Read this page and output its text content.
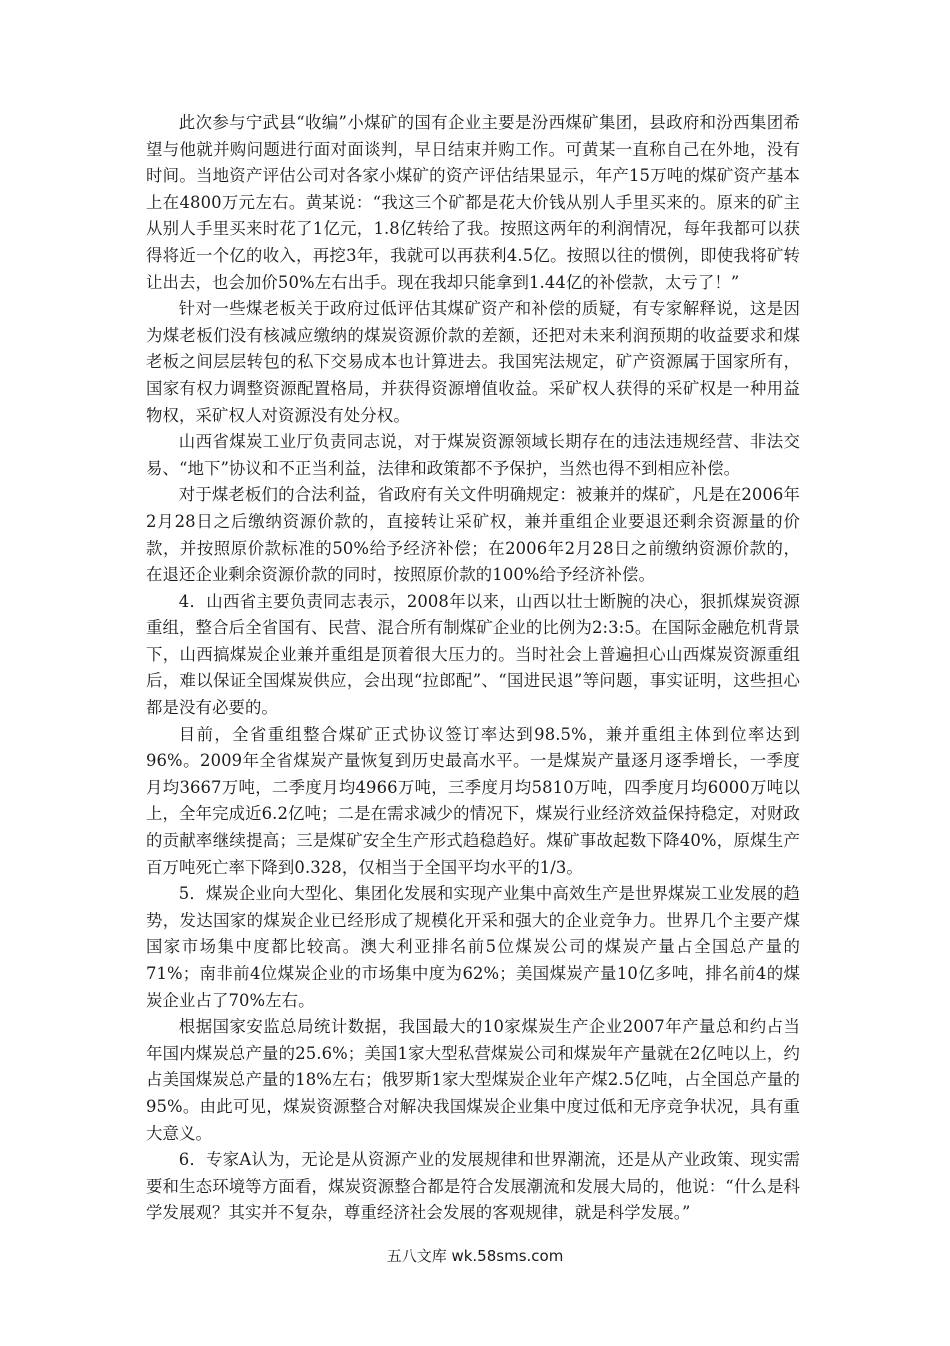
此次参与宁武县“收编”小煤矿的国有企业主要是汾西煤矿集团，县政府和汾西集团希望与他就并购问题进行面对面谈判，早日结束并购工作。可黄某一直称自己在外地，没有时间。当地资产评估公司对各家小煤矿的资产评估结果显示，年产15万吨的煤矿资产基本上在4800万元左右。黄某说：“我这三个矿都是花大价钱从别人手里买来的。原来的矿主从别人手里买来时花了1亿元，1.8亿转给了我。按照这两年的利润情况，每年我都可以获得将近一个亿的收入，再挖3年，我就可以再获利4.5亿。按照以往的惯例，即使我将矿转让出去，也会加价50%左右出手。现在我却只能拿到1.44亿的补偿款，太亏了！”

针对一些煤老板关于政府过低评估其煤矿资产和补偿的质疑，有专家解释说，这是因为煤老板们没有核减应缴纳的煤炭资源价款的差额，还把对未来利润预期的收益要求和煤老板之间层层转包的私下交易成本也计算进去。我国宪法规定，矿产资源属于国家所有，国家有权力调整资源配置格局，并获得资源增值收益。采矿权人获得的采矿权是一种用益物权，采矿权人对资源没有处分权。

山西省煤炭工业厅负责同志说，对于煤炭资源领域长期存在的违法违规经营、非法交易、“地下”协议和不正当利益，法律和政策都不予保护，当然也得不到相应补偿。

对于煤老板们的合法利益，省政府有关文件明确规定：被兼并的煤矿，凡是在2006年2月28日之后缴纳资源价款的，直接转让采矿权，兼并重组企业要退还剩余资源量的价款，并按照原价款标准的50%给予经济补偿；在2006年2月28日之前缴纳资源价款的，在退还企业剩余资源价款的同时，按照原价款的100%给予经济补偿。

4．山西省主要负责同志表示，2008年以来，山西以壮士断腕的决心，狠抓煤炭资源重组，整合后全省国有、民营、混合所有制煤矿企业的比例为2:3:5。在国际金融危机背景下，山西搞煤炭企业兼并重组是顶着很大压力的。当时社会上普遍担心山西煤炭资源重组后，难以保证全国煤炭供应，会出现“拉郎配”、“国进民退”等问题，事实证明，这些担心都是没有必要的。

目前，全省重组整合煤矿正式协议签订率达到98.5%，兼并重组主体到位率达到96%。2009年全省煤炭产量恢复到历史最高水平。一是煤炭产量逐月逐季增长，一季度月均3667万吨，二季度月均4966万吨，三季度月均5810万吨，四季度月均6000万吨以上，全年完成近6.2亿吨；二是在需求减少的情况下，煤炭行业经济效益保持稳定，对财政的贡献率继续提高；三是煤矿安全生产形式趋稳趋好。煤矿事故起数下降40%，原煤生产百万吨死亡率下降到0.328，仅相当于全国平均水平的1/3。

5．煤炭企业向大型化、集团化发展和实现产业集中高效生产是世界煤炭工业发展的趋势，发达国家的煤炭企业已经形成了规模化开采和强大的企业竞争力。世界几个主要产煤国家市场集中度都比较高。澳大利亚排名前5位煤炭公司的煤炭产量占全国总产量的71%；南非前4位煤炭企业的市场集中度为62%；美国煤炭产量10亿多吨，排名前4的煤炭企业占了70%左右。

根据国家安监总局统计数据，我国最大的10家煤炭生产企业2007年产量总和约占当年国内煤炭总产量的25.6%；美国1家大型私营煤炭公司和煤炭年产量就在2亿吨以上，约占美国煤炭总产量的18%左右；俄罗斯1家大型煤炭企业年产煤2.5亿吨，占全国总产量的95%。由此可见，煤炭资源整合对解决我国煤炭企业集中度过低和无序竞争状况，具有重大意义。

6．专家A认为，无论是从资源产业的发展规律和世界潮流，还是从产业政策、现实需要和生态环境等方面看，煤炭资源整合都是符合发展潮流和发展大局的，他说：“什么是科学发展观？其实并不复杂，尊重经济社会发展的客观规律，就是科学发展。”

五八文库 wk.58sms.com
